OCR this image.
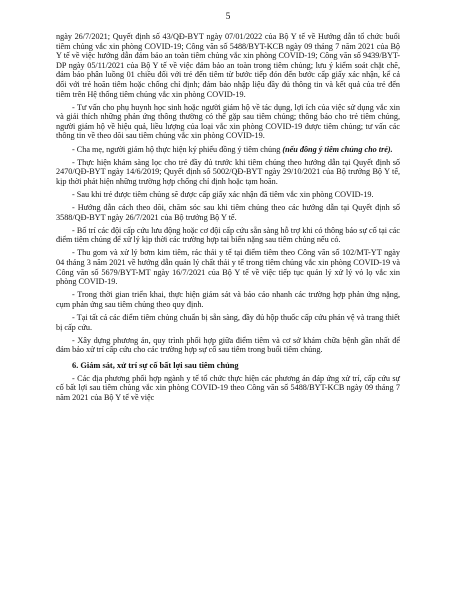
5

ngày 26/7/2021; Quyết định số 43/QĐ-BYT ngày 07/01/2022 của Bộ Y tế về Hướng dẫn tổ chức buổi tiêm chủng vắc xin phòng COVID-19; Công văn số 5488/BYT-KCB ngày 09 tháng 7 năm 2021 của Bộ Y tế về việc hướng dẫn đảm bảo an toàn tiêm chủng vắc xin phòng COVID-19; Công văn số 9439/BYT-DP ngày 05/11/2021 của Bộ Y tế về việc đảm bảo an toàn trong tiêm chủng; lưu ý kiểm soát chặt chẽ, đảm bảo phân luồng 01 chiều đối với trẻ đến tiêm từ bước tiếp đón đến bước cấp giấy xác nhận, kể cả đối với trẻ hoãn tiêm hoặc chống chỉ định; đảm bảo nhập liệu đầy đủ thông tin và kết quả của trẻ đến tiêm trên Hệ thống tiêm chủng vắc xin phòng COVID-19.

- Tư vấn cho phụ huynh học sinh hoặc người giám hộ về tác dụng, lợi ích của việc sử dụng vắc xin và giải thích những phản ứng thông thường có thể gặp sau tiêm chủng; thông báo cho trẻ tiêm chủng, người giám hộ về hiệu quả, liều lượng của loại vắc xin phòng COVID-19 được tiêm chủng; tư vấn các thông tin về theo dõi sau tiêm chủng vắc xin phòng COVID-19.

- Cha mẹ, người giám hộ thực hiện ký phiếu đồng ý tiêm chủng (nếu đồng ý tiêm chủng cho trẻ).

- Thực hiện khám sàng lọc cho trẻ đầy đủ trước khi tiêm chủng theo hướng dẫn tại Quyết định số 2470/QĐ-BYT ngày 14/6/2019; Quyết định số 5002/QĐ-BYT ngày 29/10/2021 của Bộ trưởng Bộ Y tế, kịp thời phát hiện những trường hợp chống chỉ định hoặc tạm hoãn.

- Sau khi trẻ được tiêm chủng sẽ được cấp giấy xác nhận đã tiêm vắc xin phòng COVID-19.

- Hướng dẫn cách theo dõi, chăm sóc sau khi tiêm chủng theo các hướng dẫn tại Quyết định số 3588/QĐ-BYT ngày 26/7/2021 của Bộ trưởng Bộ Y tế.

- Bố trí các đội cấp cứu lưu động hoặc cơ đội cấp cứu sẵn sàng hỗ trợ khi có thông báo sự cố tại các điểm tiêm chủng để xử lý kịp thời các trường hợp tai biến nặng sau tiêm chủng nếu có.

- Thu gom và xử lý bơm kim tiêm, rác thải y tế tại điểm tiêm theo Công văn số 102/MT-YT ngày 04 tháng 3 năm 2021 về hướng dẫn quản lý chất thải y tế trong tiêm chủng vắc xin phòng COVID-19 và Công văn số 5679/BYT-MT ngày 16/7/2021 của Bộ Y tế về việc tiếp tục quản lý xử lý vỏ lọ vắc xin phòng COVID-19.

- Trong thời gian triển khai, thực hiện giám sát và báo cáo nhanh các trường hợp phản ứng nặng, cụm phản ứng sau tiêm chủng theo quy định.

- Tại tất cả các điểm tiêm chủng chuẩn bị sẵn sàng, đầy đủ hộp thuốc cấp cứu phản vệ và trang thiết bị cấp cứu.

- Xây dựng phương án, quy trình phối hợp giữa điểm tiêm và cơ sở khám chữa bệnh gần nhất để đảm bảo xử trí cấp cứu cho các trường hợp sự cố sau tiêm trong buổi tiêm chủng.

6. Giám sát, xử trí sự cố bất lợi sau tiêm chủng

- Các địa phương phối hợp ngành y tế tổ chức thực hiện các phương án đáp ứng xử trí, cấp cứu sự cố bất lợi sau tiêm chủng vắc xin phòng COVID-19 theo Công văn số 5488/BYT-KCB ngày 09 tháng 7 năm 2021 của Bộ Y tế về việc
